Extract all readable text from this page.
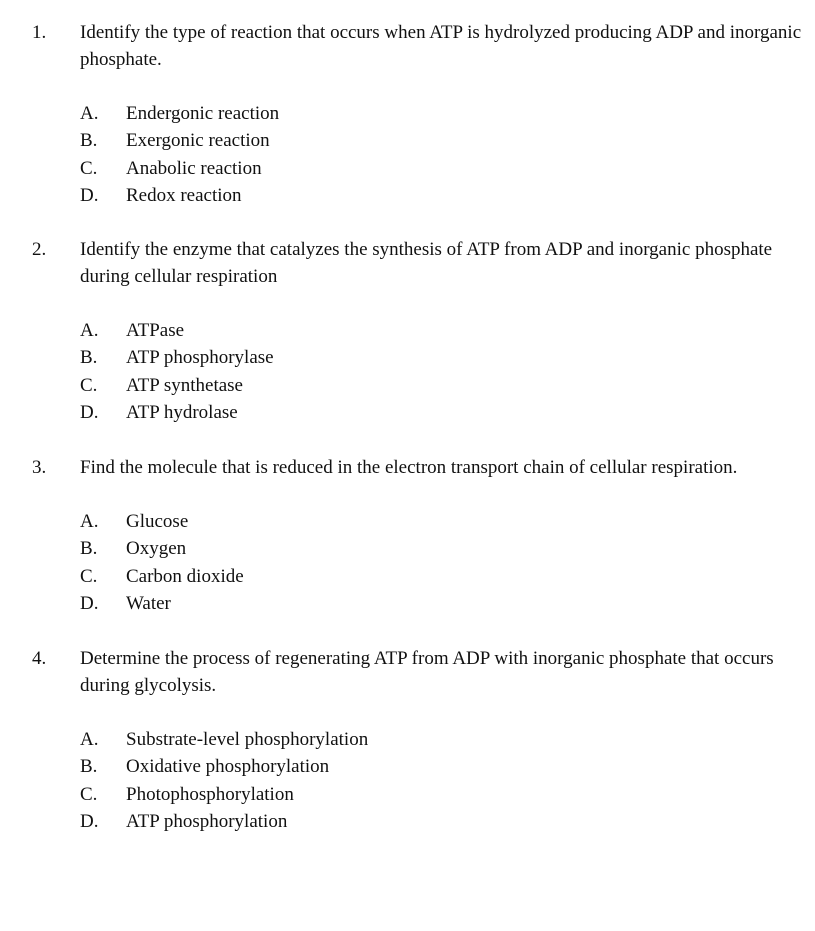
1. Identify the type of reaction that occurs when ATP is hydrolyzed producing ADP and inorganic phosphate.
A. Endergonic reaction
B. Exergonic reaction
C. Anabolic reaction
D. Redox reaction
2. Identify the enzyme that catalyzes the synthesis of ATP from ADP and inorganic phosphate during cellular respiration
A. ATPase
B. ATP phosphorylase
C. ATP synthetase
D. ATP hydrolase
3. Find the molecule that is reduced in the electron transport chain of cellular respiration.
A. Glucose
B. Oxygen
C. Carbon dioxide
D. Water
4. Determine the process of regenerating ATP from ADP with inorganic phosphate that occurs during glycolysis.
A. Substrate-level phosphorylation
B. Oxidative phosphorylation
C. Photophosphorylation
D. ATP phosphorylation
